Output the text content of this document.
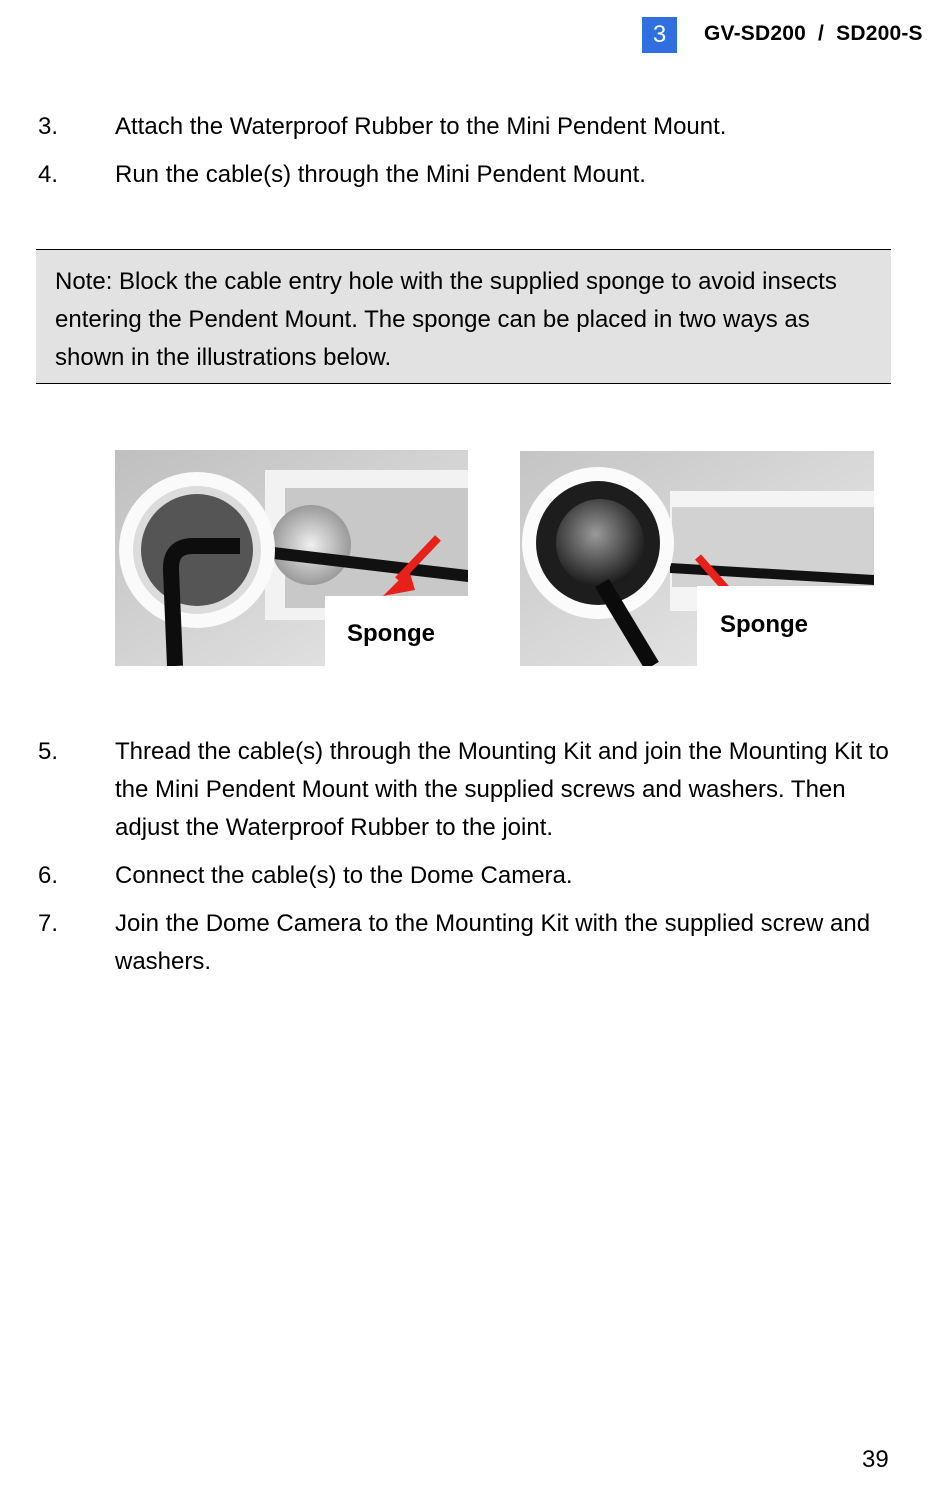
3	GV-SD200  /  SD200-S
3. Attach the Waterproof Rubber to the Mini Pendent Mount.
4. Run the cable(s) through the Mini Pendent Mount.
Note: Block the cable entry hole with the supplied sponge to avoid insects entering the Pendent Mount. The sponge can be placed in two ways as shown in the illustrations below.
Sponge	Sponge
5. Thread the cable(s) through the Mounting Kit and join the Mounting Kit to the Mini Pendent Mount with the supplied screws and washers. Then adjust the Waterproof Rubber to the joint.
6. Connect the cable(s) to the Dome Camera.
7. Join the Dome Camera to the Mounting Kit with the supplied screw and washers.
39
